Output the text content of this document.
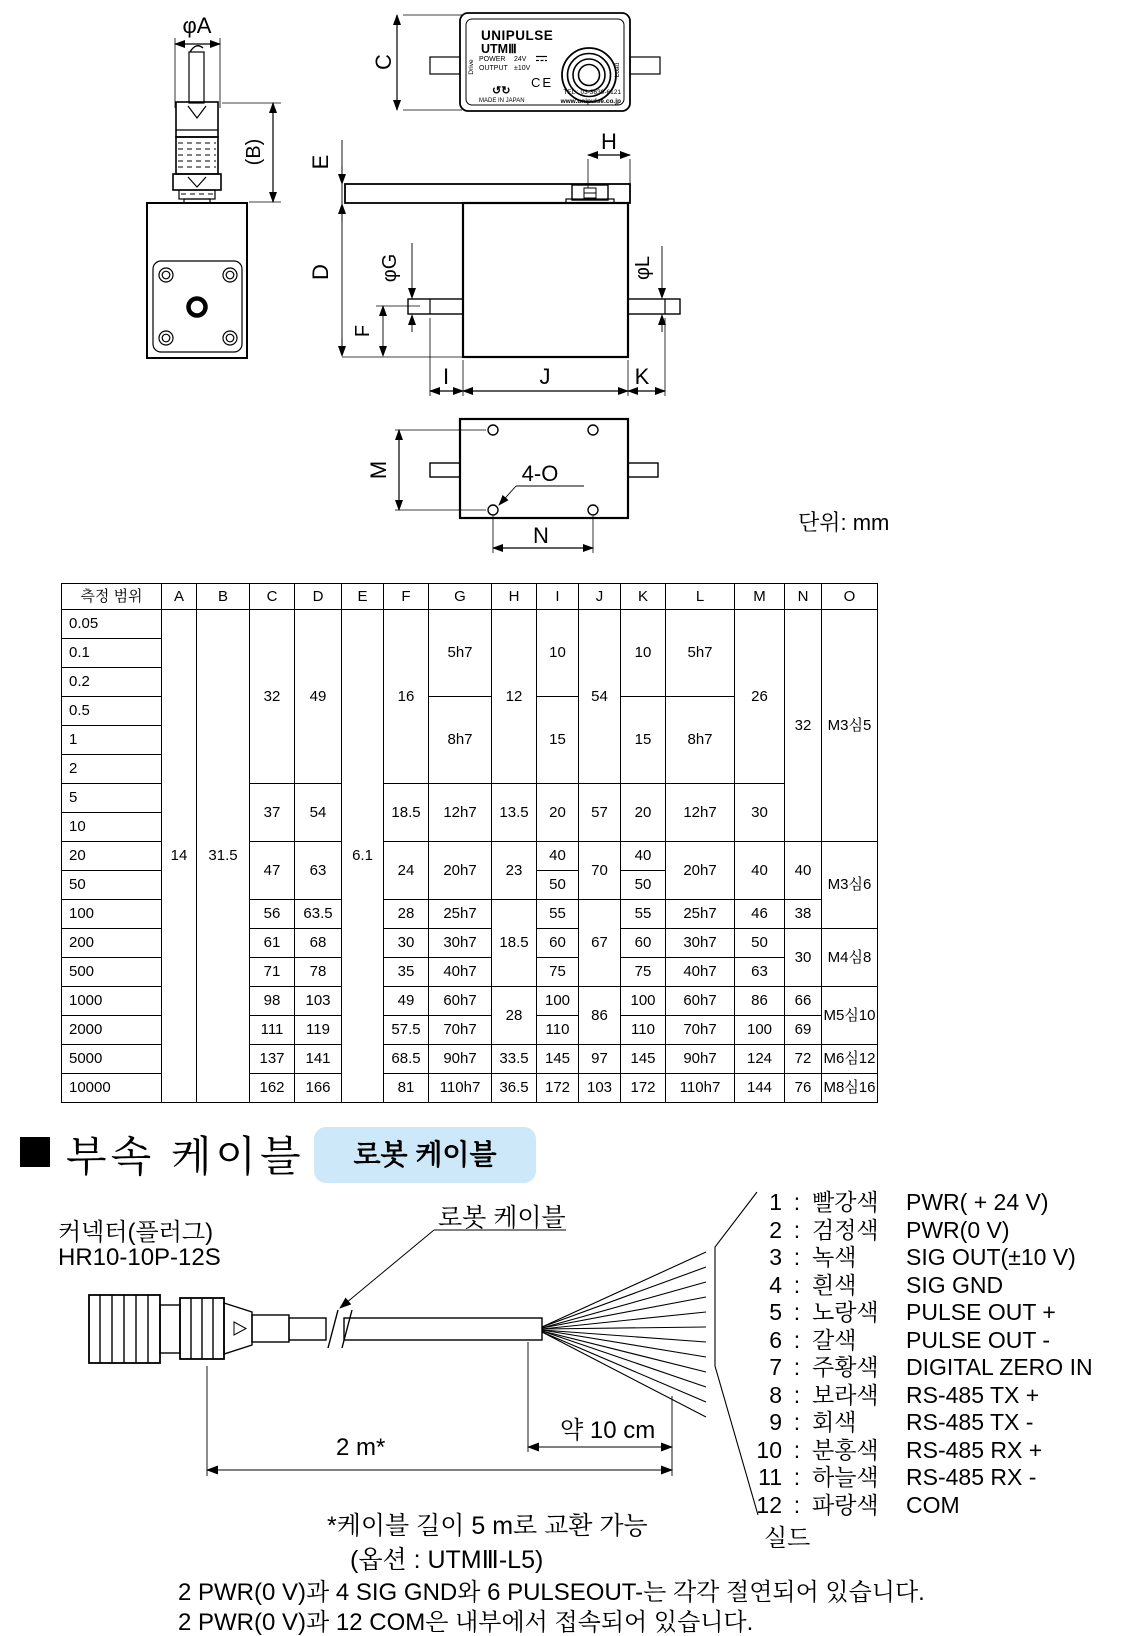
φA
(B)
UNIPULSE
UTMⅢ
POWER 24V
OUTPUT ±10V
CE
↺↻	TEL : 03-3639-6121
www.unipulse.co.jp
MADE IN JAPAN
Drive	Load
C
E
D
F
φG
H
φL
I	J	K
M	4-O
N
단위: mm
측정 범위	A	B	C	D	E	F	G	H	I	J	K	L	M	N	O
0.05	14	31.5	32	49	6.1	16	5h7	12	10	54	10	5h7	26	32	M3심5
0.1															
0.2															
0.5							8h7		15		15	8h7			
1															
2															
5			37	54		18.5	12h7	13.5	20	57	20	12h7	30		
10															
20			47	63		24	20h7	23	40	70	40	20h7	40	40	M3심6
50									50		50				
100			56	63.5		28	25h7	18.5	55	67	55	25h7	46	38	
200			61	68		30	30h7		60		60	30h7	50	30	M4심8
500			71	78		35	40h7		75		75	40h7	63		
1000			98	103		49	60h7	28	100	86	100	60h7	86	66	M5심10
2000			111	119		57.5	70h7		110		110	70h7	100	69	
5000			137	141		68.5	90h7	33.5	145	97	145	90h7	124	72	M6심12
10000			162	166		81	110h7	36.5	172	103	172	110h7	144	76	M8심16
부속 케이블	로봇 케이블
커넥터(플러그)
HR10-10P-12S
로봇 케이블
2 m*
약 10 cm
*케이블 길이 5 m로 교환 가능
(옵션 : UTMⅢ-L5)
실드
1 : 빨강색	PWR( + 24 V)
2 : 검정색	PWR(0 V)
3 : 녹색	SIG OUT(±10 V)
4 : 흰색	SIG GND
5 : 노랑색	PULSE OUT +
6 : 갈색	PULSE OUT -
7 : 주황색	DIGITAL ZERO IN
8 : 보라색	RS-485 TX +
9 : 회색	RS-485 TX -
10 : 분홍색	RS-485 RX +
11 : 하늘색	RS-485 RX -
12 : 파랑색	COM
2 PWR(0 V)과 4 SIG GND와 6 PULSEOUT-는 각각 절연되어 있습니다.
2 PWR(0 V)과 12 COM은 내부에서 접속되어 있습니다.
